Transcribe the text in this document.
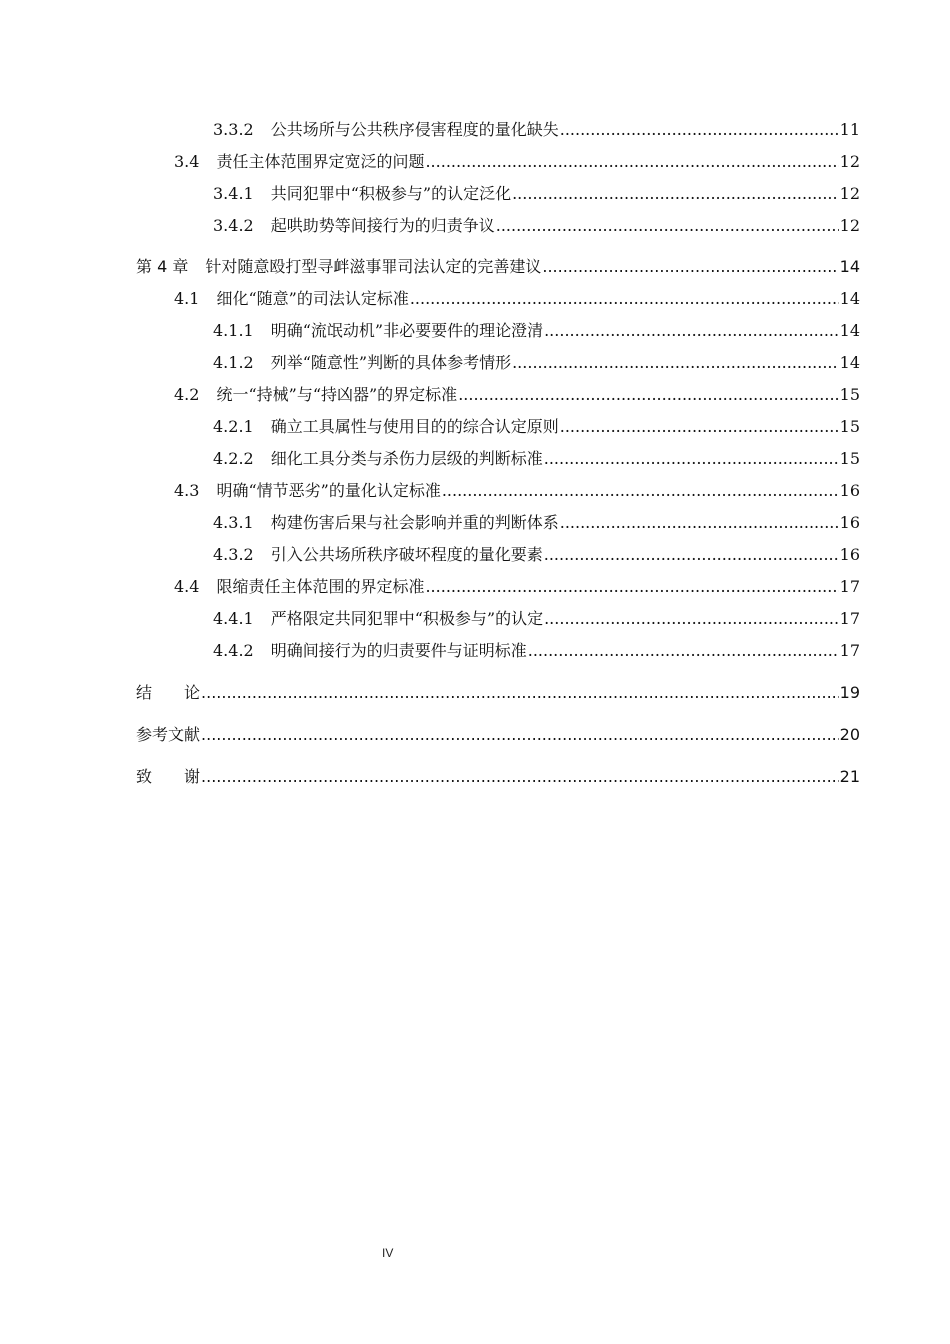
3.3.2 公共场所与公共秩序侵害程度的量化缺失 .....	11
3.4 责任主体范围界定宽泛的问题 .....	12
3.4.1 共同犯罪中“积极参与”的认定泛化 .....	12
3.4.2 起哄助势等间接行为的归责争议 .....	12
第 4 章 针对随意殴打型寻衅滋事罪司法认定的完善建议 .....	14
4.1 细化“随意”的司法认定标准 .....	14
4.1.1 明确“流氓动机”非必要要件的理论澄清 .....	14
4.1.2 列举“随意性”判断的具体参考情形 .....	14
4.2 统一“持械”与“持凶器”的界定标准 .....	15
4.2.1 确立工具属性与使用目的的综合认定原则 .....	15
4.2.2 细化工具分类与杀伤力层级的判断标准 .....	15
4.3 明确“情节恶劣”的量化认定标准 .....	16
4.3.1 构建伤害后果与社会影响并重的判断体系 .....	16
4.3.2 引入公共场所秩序破坏程度的量化要素 .....	16
4.4 限缩责任主体范围的界定标准 .....	17
4.4.1 严格限定共同犯罪中“积极参与”的认定 .....	17
4.4.2 明确间接行为的归责要件与证明标准 .....	17
结　　论 .....	19
参考文献 .....	20
致　　谢 .....	21
IV
